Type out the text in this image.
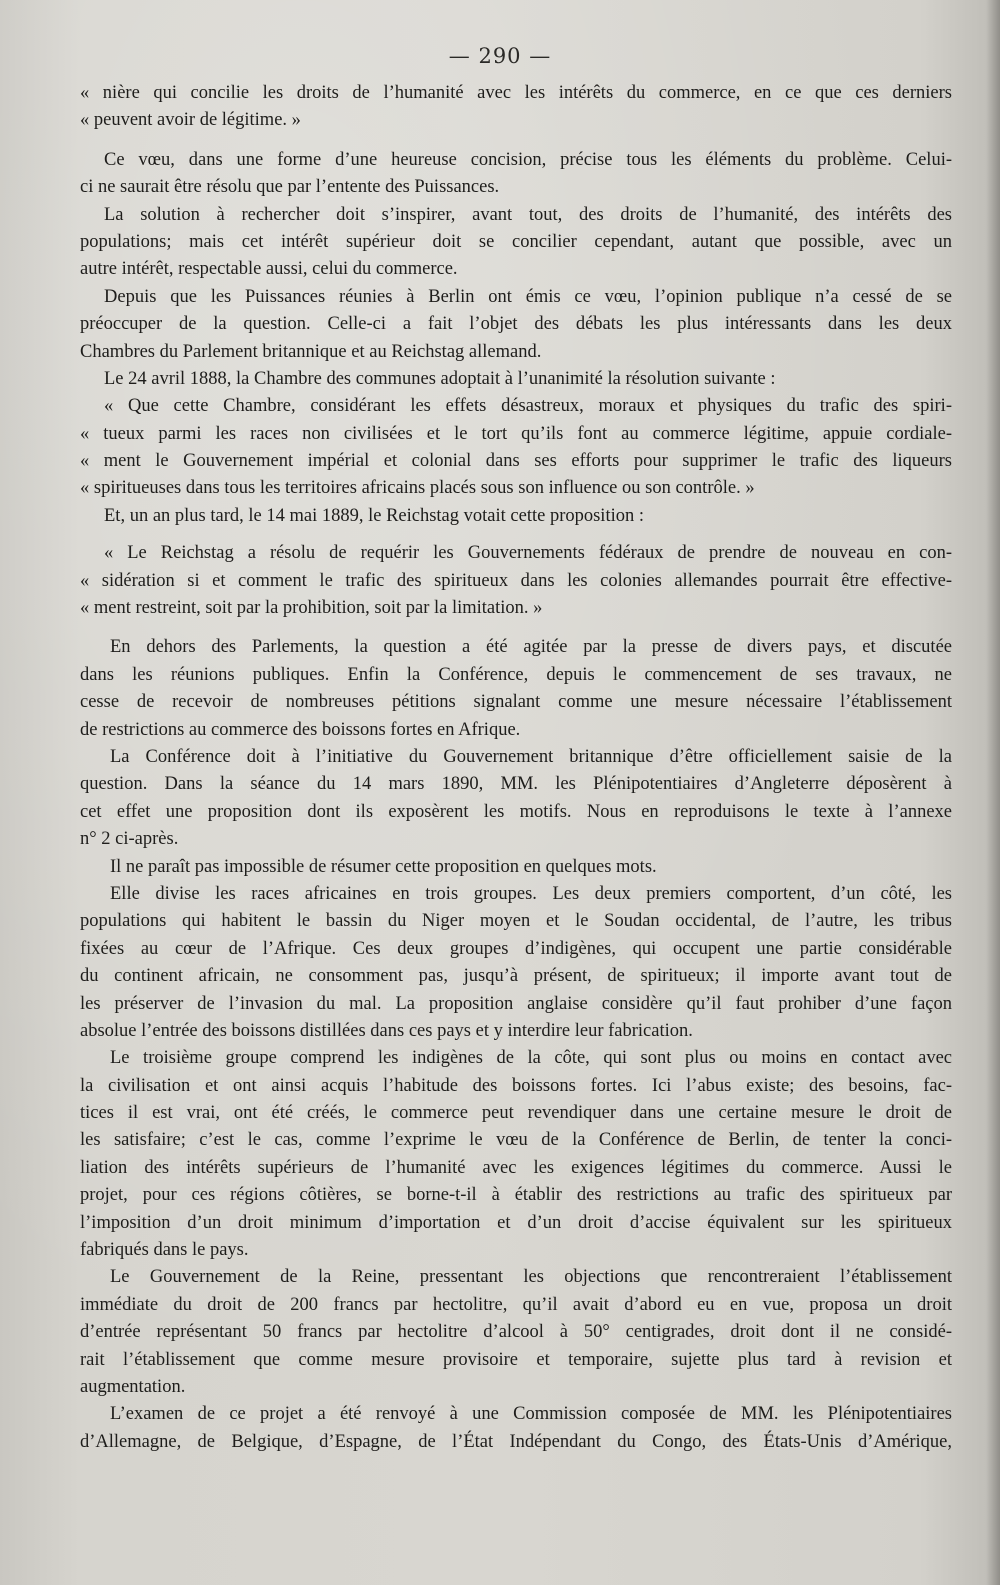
— 290 —
« nière qui concilie les droits de l’humanité avec les intérêts du commerce, en ce que ces derniers
« peuvent avoir de légitime. »
Ce vœu, dans une forme d’une heureuse concision, précise tous les éléments du problème. Celui-
ci ne saurait être résolu que par l’entente des Puissances.
La solution à rechercher doit s’inspirer, avant tout, des droits de l’humanité, des intérêts des
populations; mais cet intérêt supérieur doit se concilier cependant, autant que possible, avec un
autre intérêt, respectable aussi, celui du commerce.
Depuis que les Puissances réunies à Berlin ont émis ce vœu, l’opinion publique n’a cessé de se
préoccuper de la question. Celle-ci a fait l’objet des débats les plus intéressants dans les deux
Chambres du Parlement britannique et au Reichstag allemand.
Le 24 avril 1888, la Chambre des communes adoptait à l’unanimité la résolution suivante :
« Que cette Chambre, considérant les effets désastreux, moraux et physiques du trafic des spiri-
« tueux parmi les races non civilisées et le tort qu’ils font au commerce légitime, appuie cordiale-
« ment le Gouvernement impérial et colonial dans ses efforts pour supprimer le trafic des liqueurs
« spiritueuses dans tous les territoires africains placés sous son influence ou son contrôle. »
Et, un an plus tard, le 14 mai 1889, le Reichstag votait cette proposition :
« Le Reichstag a résolu de requérir les Gouvernements fédéraux de prendre de nouveau en con-
« sidération si et comment le trafic des spiritueux dans les colonies allemandes pourrait être effective-
« ment restreint, soit par la prohibition, soit par la limitation. »
En dehors des Parlements, la question a été agitée par la presse de divers pays, et discutée
dans les réunions publiques. Enfin la Conférence, depuis le commencement de ses travaux, ne
cesse de recevoir de nombreuses pétitions signalant comme une mesure nécessaire l’établissement
de restrictions au commerce des boissons fortes en Afrique.
La Conférence doit à l’initiative du Gouvernement britannique d’être officiellement saisie de la
question. Dans la séance du 14 mars 1890, MM. les Plénipotentiaires d’Angleterre déposèrent à
cet effet une proposition dont ils exposèrent les motifs. Nous en reproduisons le texte à l’annexe
n° 2 ci-après.
Il ne paraît pas impossible de résumer cette proposition en quelques mots.
Elle divise les races africaines en trois groupes. Les deux premiers comportent, d’un côté, les
populations qui habitent le bassin du Niger moyen et le Soudan occidental, de l’autre, les tribus
fixées au cœur de l’Afrique. Ces deux groupes d’indigènes, qui occupent une partie considérable
du continent africain, ne consomment pas, jusqu’à présent, de spiritueux; il importe avant tout de
les préserver de l’invasion du mal. La proposition anglaise considère qu’il faut prohiber d’une façon
absolue l’entrée des boissons distillées dans ces pays et y interdire leur fabrication.
Le troisième groupe comprend les indigènes de la côte, qui sont plus ou moins en contact avec
la civilisation et ont ainsi acquis l’habitude des boissons fortes. Ici l’abus existe; des besoins, fac-
tices il est vrai, ont été créés, le commerce peut revendiquer dans une certaine mesure le droit de
les satisfaire; c’est le cas, comme l’exprime le vœu de la Conférence de Berlin, de tenter la conci-
liation des intérêts supérieurs de l’humanité avec les exigences légitimes du commerce. Aussi le
projet, pour ces régions côtières, se borne-t-il à établir des restrictions au trafic des spiritueux par
l’imposition d’un droit minimum d’importation et d’un droit d’accise équivalent sur les spiritueux
fabriqués dans le pays.
Le Gouvernement de la Reine, pressentant les objections que rencontreraient l’établissement
immédiate du droit de 200 francs par hectolitre, qu’il avait d’abord eu en vue, proposa un droit
d’entrée représentant 50 francs par hectolitre d’alcool à 50° centigrades, droit dont il ne considé-
rait l’établissement que comme mesure provisoire et temporaire, sujette plus tard à revision et
augmentation.
L’examen de ce projet a été renvoyé à une Commission composée de MM. les Plénipotentiaires
d’Allemagne, de Belgique, d’Espagne, de l’État Indépendant du Congo, des États-Unis d’Amérique,
